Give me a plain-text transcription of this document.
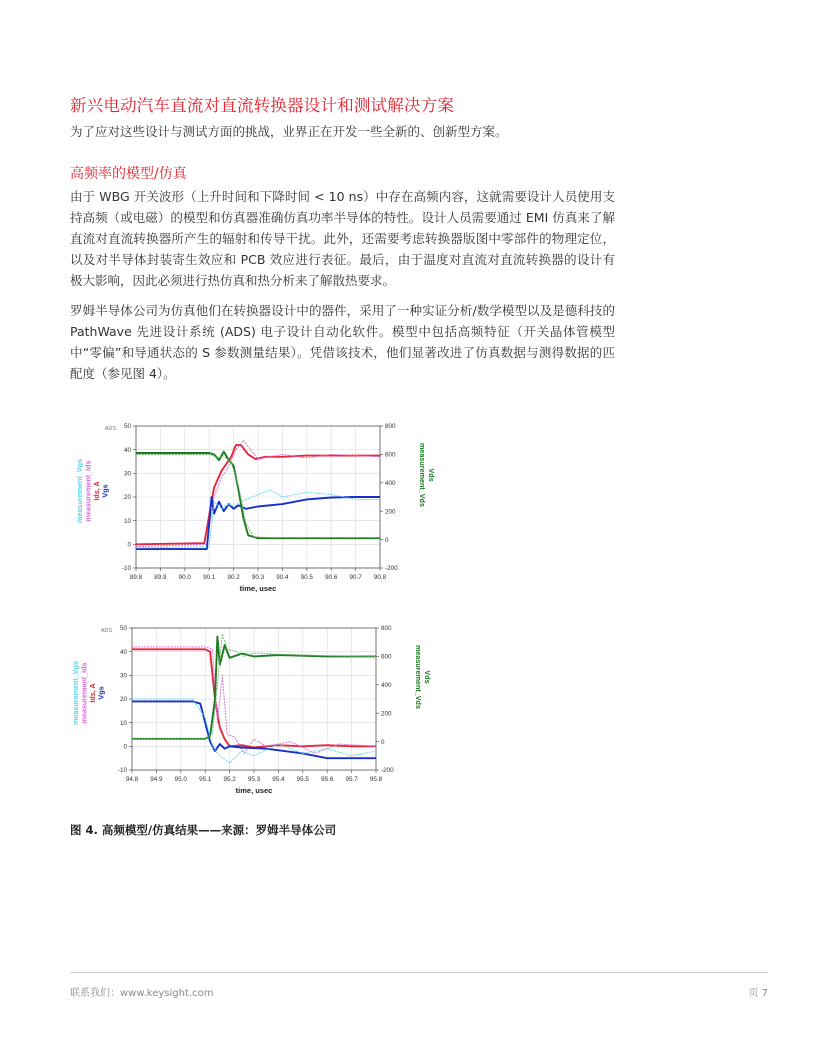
新兴电动汽车直流对直流转换器设计和测试解决方案
为了应对这些设计与测试方面的挑战，业界正在开发一些全新的、创新型方案。
高频率的模型/仿真

由于 WBG 开关波形（上升时间和下降时间 < 10 ns）中存在高频内容，这就需要设计人员使用支持高频（或电磁）的模型和仿真器准确仿真功率半导体的特性。设计人员需要通过 EMI 仿真来了解直流对直流转换器所产生的辐射和传导干扰。此外，还需要考虑转换器版图中零部件的物理定位，以及对半导体封装寄生效应和 PCB 效应进行表征。最后，由于温度对直流对直流转换器的设计有极大影响，因此必须进行热仿真和热分析来了解散热要求。

罗姆半导体公司为仿真他们在转换器设计中的器件，采用了一种实证分析/数学模型以及是德科技的 PathWave 先进设计系统 (ADS) 电子设计自动化软件。模型中包括高频特征（开关晶体管模型中“零偏”和导通状态的 S 参数测量结果）。凭借该技术，他们显著改进了仿真数据与测得数据的匹配度（参见图 4）。

89.8 89.9 90.0 90.1 90.2 90.3 90.4 90.5 90.6 90.7 90.8
-10
0
10
20
30
40
50
-200
0
200
400
600
800
ADS
time, usec
measurement_Vgs measurement_Ids Ids, A Vgs	measurement_Vds Vds
94.8 94.9 95.0 95.1 95.2 95.3 95.4 95.5 95.6 95.7 95.8
-10
0
10
20
30
40
50
-200
0
200
400
600
800
ADS
time, usec
measurement_Vgs measurement_Ids Ids, A Vgs	measurement_Vds Vds
图 4. 高频模型/仿真结果——来源：罗姆半导体公司
联系我们：www.keysight.com	页 7
